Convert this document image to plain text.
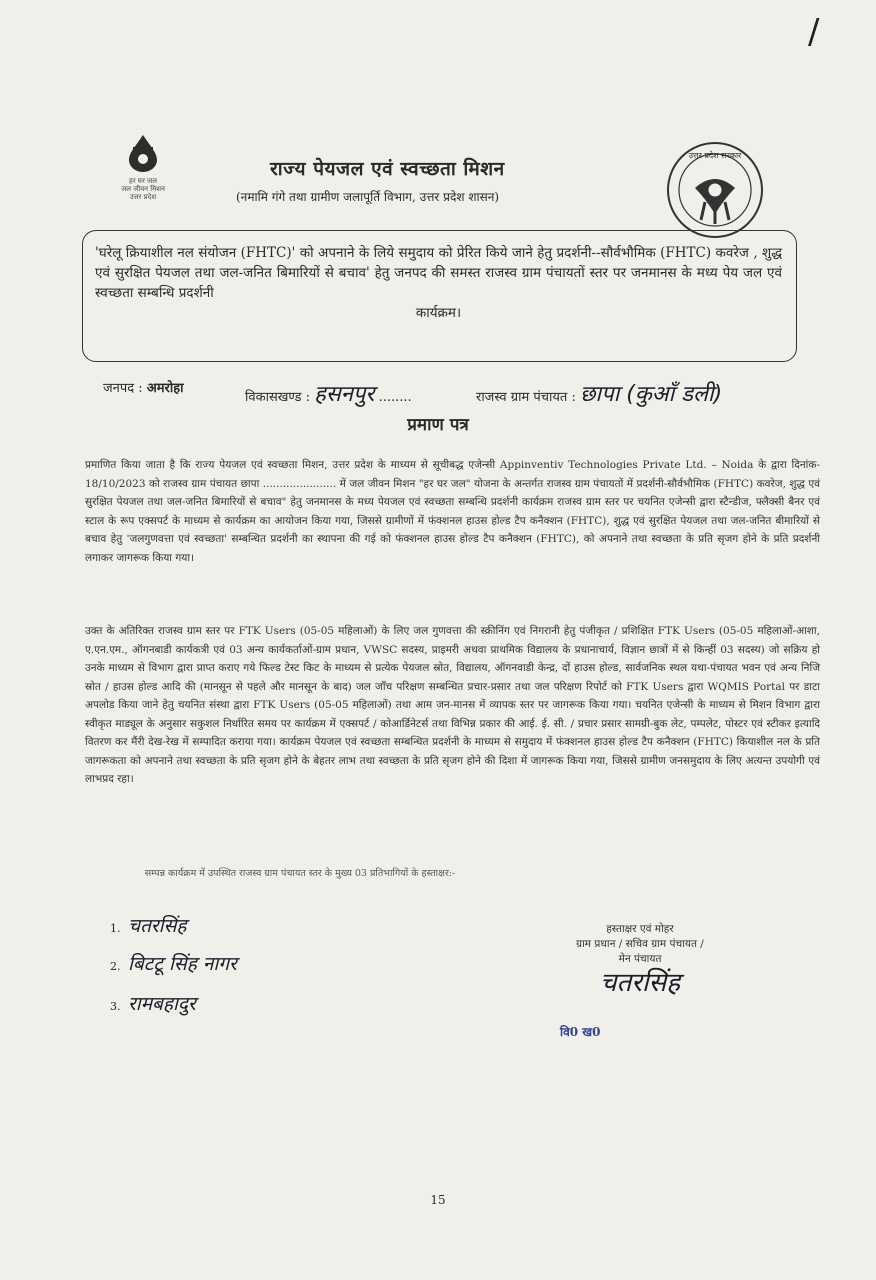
/
हर घर जल
जल जीवन मिशन
उत्तर प्रदेश
राज्य पेयजल एवं स्वच्छता मिशन
(नमामि गंगे तथा ग्रामीण जलापूर्ति विभाग, उत्तर प्रदेश शासन)
उत्तर प्रदेश सरकार
'घरेलू क्रियाशील नल संयोजन (FHTC)' को अपनाने के लिये समुदाय को प्रेरित किये जाने हेतु प्रदर्शनी--सौर्वभौमिक (FHTC) कवरेज , शुद्ध एवं सुरक्षित पेयजल तथा जल-जनित बिमारियों से बचाव' हेतु जनपद की समस्त राजस्व ग्राम पंचायतों स्तर पर जनमानस के मध्य पेय जल एवं स्वच्छता सम्बन्धि प्रदर्शनी
कार्यक्रम।
जनपद : अमरोहा
विकासखण्ड : हसनपुर ........	राजस्व ग्राम पंचायत : छापा (कुआँ डली)
प्रमाण पत्र
प्रमाणित किया जाता है कि राज्य पेयजल एवं स्वच्छता मिशन, उत्तर प्रदेश के माध्यम से सूचीबद्ध एजेन्सी Appinventiv Technologies Private Ltd. – Noida के द्वारा दिनांक- 18/10/2023 को राजस्व ग्राम पंचायत छापा ...................... में जल जीवन मिशन "हर घर जल" योजना के अन्तर्गत राजस्व ग्राम पंचायतों में प्रदर्शनी-सौर्वभौमिक (FHTC) कवरेज, शुद्ध एवं सुरक्षित पेयजल तथा जल-जनित बिमारियों से बचाव" हेतु जनमानस के मध्य पेयजल एवं स्वच्छता सम्बन्धि प्रदर्शनी कार्यक्रम राजस्व ग्राम स्तर पर चयनित एजेन्सी द्वारा स्टैन्डीज, फ्लैक्सी बैनर एवं स्टाल के रूप एक्सपर्ट के माध्यम से कार्यक्रम का आयोजन किया गया, जिससे ग्रामीणों में फंक्शनल हाउस होल्ड टैप कनैक्शन (FHTC), शुद्ध एवं सुरक्षित पेयजल तथा जल-जनित बीमारियों से बचाव हेतु 'जलगुणवत्ता एवं स्वच्छता' सम्बन्धित प्रदर्शनी का स्थापना की गई को फंक्शनल हाउस होल्ड टैप कनैक्शन (FHTC), को अपनाने तथा स्वच्छता के प्रति सृजग होने के प्रति प्रदर्शनी लगाकर जागरूक किया गया।
उक्त के अतिरिक्त राजस्व ग्राम स्तर पर FTK Users (05-05 महिलाओं) के लिए जल गुणवत्ता की स्क्रीनिंग एवं निगरानी हेतु पंजीकृत / प्रशिक्षित FTK Users (05-05 महिलाओं-आशा, ए.एन.एम., ऑगनबाडी कार्यकत्री एवं 03 अन्य कार्यकर्ताओं-ग्राम प्रधान, VWSC सदस्य, प्राइमरी अथवा प्राथमिक विद्यालय के प्रधानाचार्य, विज्ञान छात्रों में से किन्हीं 03 सदस्य) जो सक्रिय हो उनके माध्यम से विभाग द्वारा प्राप्त कराए गये फिल्ड टेस्ट किट के माध्यम से प्रत्येक पेयजल स्रोत, विद्यालय, ऑगनवाडी केन्द्र, दों हाउस होल्ड, सार्वजनिक स्थल यथा-पंचायत भवन एवं अन्य निजि स्रोत / हाउस होल्ड आदि की (मानसून से पहले और मानसून के बाद) जल जाँच परिक्षण सम्बन्धित प्रचार-प्रसार तथा जल परिक्षण रिपोर्ट को FTK Users द्वारा WQMIS Portal पर डाटा अपलोड किया जाने हेतु चयनित संस्था द्वारा FTK Users (05-05 महिलाओं) तथा आम जन-मानस में व्यापक स्तर पर जागरूक किया गया। चयनित एजेन्सी के माध्यम से मिशन विभाग द्वारा स्वीकृत माड्यूल के अनुसार सकुशल निर्धारित समय पर कार्यक्रम में एक्सपर्ट / कोआर्डिनेटर्स तथा विभिन्न प्रकार की आई. ई. सी. / प्रचार प्रसार सामग्री-बुक लेट, पम्पलेट, पोस्टर एवं स्टीकर इत्यादि वितरण कर मैंरी देख-रेख में सम्पादित कराया गया। कार्यक्रम पेयजल एवं स्वच्छता सम्बन्धित प्रदर्शनी के माध्यम से समुदाय में फंक्शनल हाउस होल्ड टैप कनैक्शन (FHTC) कियाशील नल के प्रति जागरूकता को अपनाने तथा स्वच्छता के प्रति सृजग होने के बेहतर लाभ तथा स्वच्छता के प्रति सृजग होने की दिशा में जागरूक किया गया, जिससे ग्रामीण जनसमुदाय के लिए अत्यन्त उपयोगी एवं लाभप्रद रहा।
सम्पन्न कार्यक्रम में उपस्थित राजस्व ग्राम पंचायत स्तर के मुख्य 03 प्रतिभागियों के हस्ताक्षर:-
1. चतरसिंह
2. बिटटू सिंह नागर
3. रामबहादुर
हस्ताक्षर एवं मोहर
ग्राम प्रधान / सचिव ग्राम पंचायत /
मेन पंचायत
चतरसिंह
वि0 ख0
15
